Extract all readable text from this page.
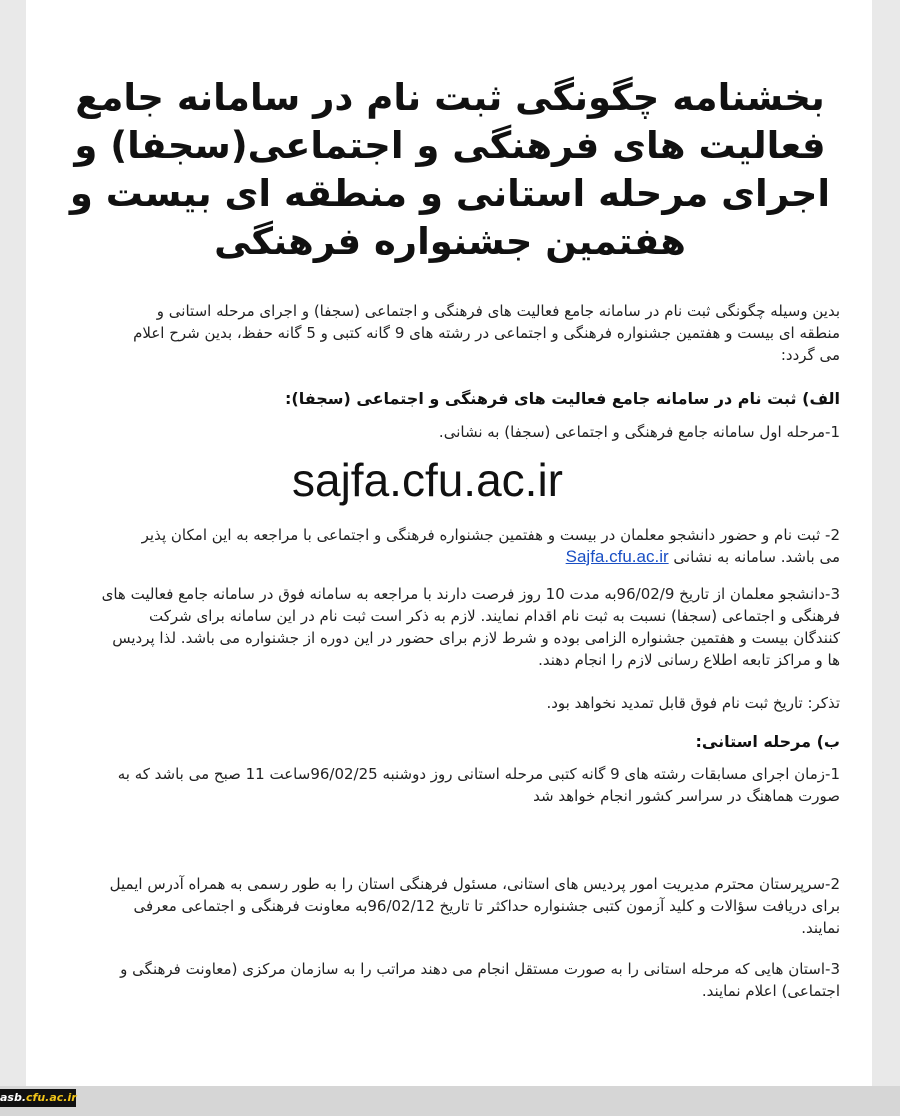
بخشنامه چگونگی ثبت نام در سامانه جامع فعالیت های فرهنگی و اجتماعی(سجفا) و اجرای مرحله استانی و منطقه ای بیست و هفتمین جشنواره فرهنگی
بدین وسیله چگونگی ثبت نام در سامانه جامع فعالیت های فرهنگی و اجتماعی (سجفا) و اجرای مرحله استانی و منطقه ای بیست و هفتمین جشنواره فرهنگی و اجتماعی در رشته های 9 گانه کتبی و 5 گانه حفظ، بدین شرح اعلام می گردد:
الف) ثبت نام در سامانه جامع فعالیت های فرهنگی و اجتماعی (سجفا):
1-مرحله اول سامانه جامع فرهنگی و اجتماعی (سجفا) به نشانی.
sajfa.cfu.ac.ir
2- ثبت نام و حضور دانشجو معلمان در بیست و هفتمین جشنواره فرهنگی و اجتماعی با مراجعه به این امکان پذیر می باشد. سامانه به نشانی Sajfa.cfu.ac.ir
3-دانشجو معلمان از تاریخ 96/02/9به مدت 10 روز فرصت دارند با مراجعه به سامانه فوق در سامانه جامع فعالیت های فرهنگی و اجتماعی (سجفا) نسبت به ثبت نام اقدام نمایند. لازم به ذکر است ثبت نام در این سامانه برای شرکت کنندگان بیست و هفتمین جشنواره الزامی بوده و شرط لازم برای حضور در این دوره از جشنواره می باشد. لذا پردیس ها و مراکز تابعه اطلاع رسانی لازم را انجام دهند.
تذکر: تاریخ ثبت نام فوق قابل تمدید نخواهد بود.
ب) مرحله استانی:
1-زمان اجرای مسابقات رشته های 9 گانه کتبی مرحله استانی روز دوشنبه 96/02/25ساعت 11 صبح می باشد که به صورت هماهنگ در سراسر کشور انجام خواهد شد
2-سرپرستان محترم مدیریت امور پردیس های استانی، مسئول فرهنگی استان را به طور رسمی به همراه آدرس ایمیل برای دریافت سؤالات و کلید آزمون کتبی جشنواره حداکثر تا تاریخ 96/02/12به معاونت فرهنگی و اجتماعی معرفی نمایند.
3-استان هایی که مرحله استانی را به صورت مستقل انجام می دهند مراتب را به سازمان مرکزی (معاونت فرهنگی و اجتماعی) اعلام نمایند.
asb.cfu.ac.ir
